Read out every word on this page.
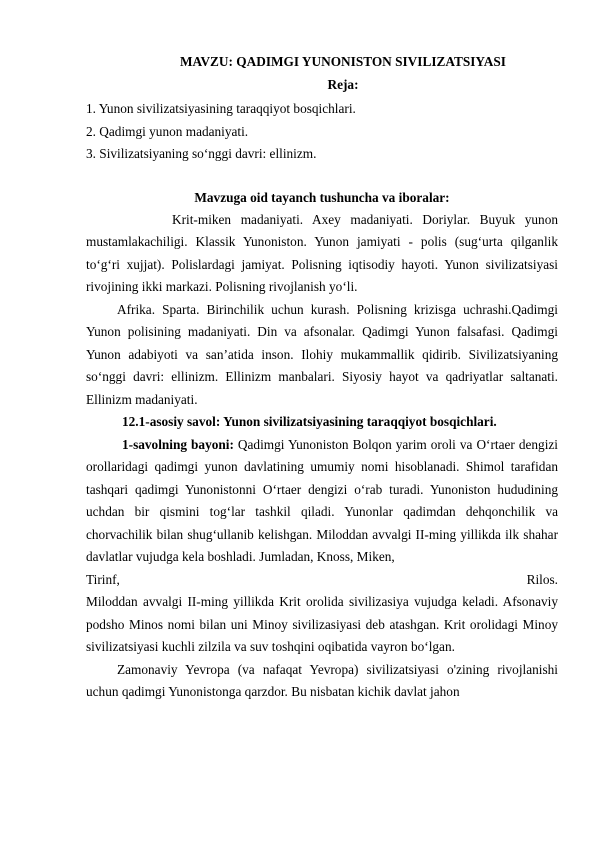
MAVZU: QADIMGI YUNONISTON SIVILIZATSIYASI
Reja:

1. Yunon sivilizatsiyasining taraqqiyot bosqichlari.

2. Qadimgi yunon madaniyati.

3. Sivilizatsiyaning so‘nggi davri: ellinizm.

Mavzuga oid tayanch tushuncha va iboralar:

Krit-miken madaniyati. Axey madaniyati. Doriylar. Buyuk yunon mustamlakachiligi. Klassik Yunoniston. Yunon jamiyati - polis (sug‘urta qilganlik to‘g‘ri xujjat). Polislardagi jamiyat. Polisning iqtisodiy hayoti. Yunon sivilizatsiyasi rivojining ikki markazi. Polisning rivojlanish yo‘li.

Afrika. Sparta. Birinchilik uchun kurash. Polisning krizisga uchrashi.Qadimgi Yunon polisining madaniyati. Din va afsonalar. Qadimgi Yunon falsafasi. Qadimgi Yunon adabiyoti va san’atida inson. Ilohiy mukammallik qidirib. Sivilizatsiyaning so‘nggi davri: ellinizm. Ellinizm manbalari. Siyosiy hayot va qadriyatlar saltanati. Ellinizm madaniyati.

12.1-asosiy savol: Yunon sivilizatsiyasining taraqqiyot bosqichlari.

1-savolning bayoni: Qadimgi Yunoniston Bolqon yarim oroli va O‘rtaer dengizi orollaridagi qadimgi yunon davlatining umumiy nomi hisoblanadi. Shimol tarafidan tashqari qadimgi Yunonistonni O‘rtaer dengizi o‘rab turadi. Yunoniston hududining uchdan bir qismini tog‘lar tashkil qiladi. Yunonlar qadimdan dehqonchilik va chorvachilik bilan shug‘ullanib kelishgan. Miloddan avvalgi II-ming yillikda ilk shahar davlatlar vujudga kela boshladi. Jumladan, Knoss, Miken,

Tirinf,	Rilos.

Miloddan avvalgi II-ming yillikda Krit orolida sivilizasiya vujudga keladi. Afsonaviy podsho Minos nomi bilan uni Minoy sivilizasiyasi deb atashgan. Krit orolidagi Minoy sivilizatsiyasi kuchli zilzila va suv toshqini oqibatida vayron bo‘lgan.

Zamonaviy Yevropa (va nafaqat Yevropa) sivilizatsiyasi o'zining rivojlanishi uchun qadimgi Yunonistonga qarzdor. Bu nisbatan kichik davlat jahon
